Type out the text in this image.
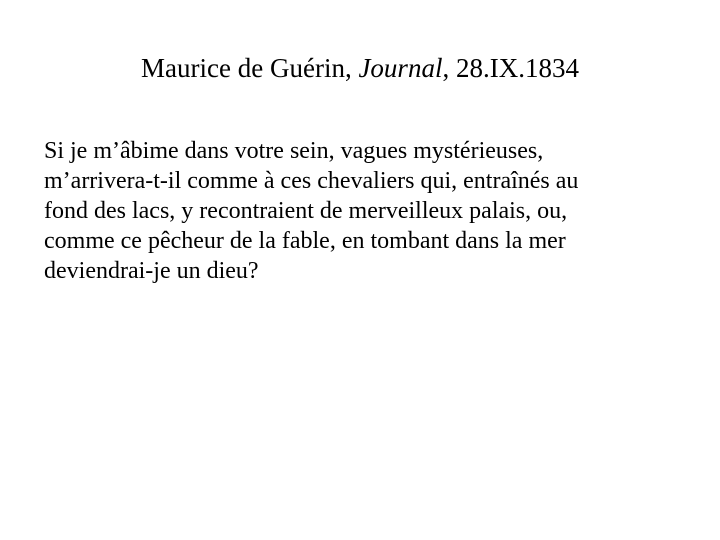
Maurice de Guérin, Journal, 28.IX.1834
Si je m’âbime dans votre sein, vagues mystérieuses,
m’arrivera-t-il comme à ces chevaliers qui, entraînés au
fond des lacs, y recontraient de merveilleux palais, ou,
comme ce pêcheur de la fable, en tombant dans la mer
deviendrai-je un dieu?
